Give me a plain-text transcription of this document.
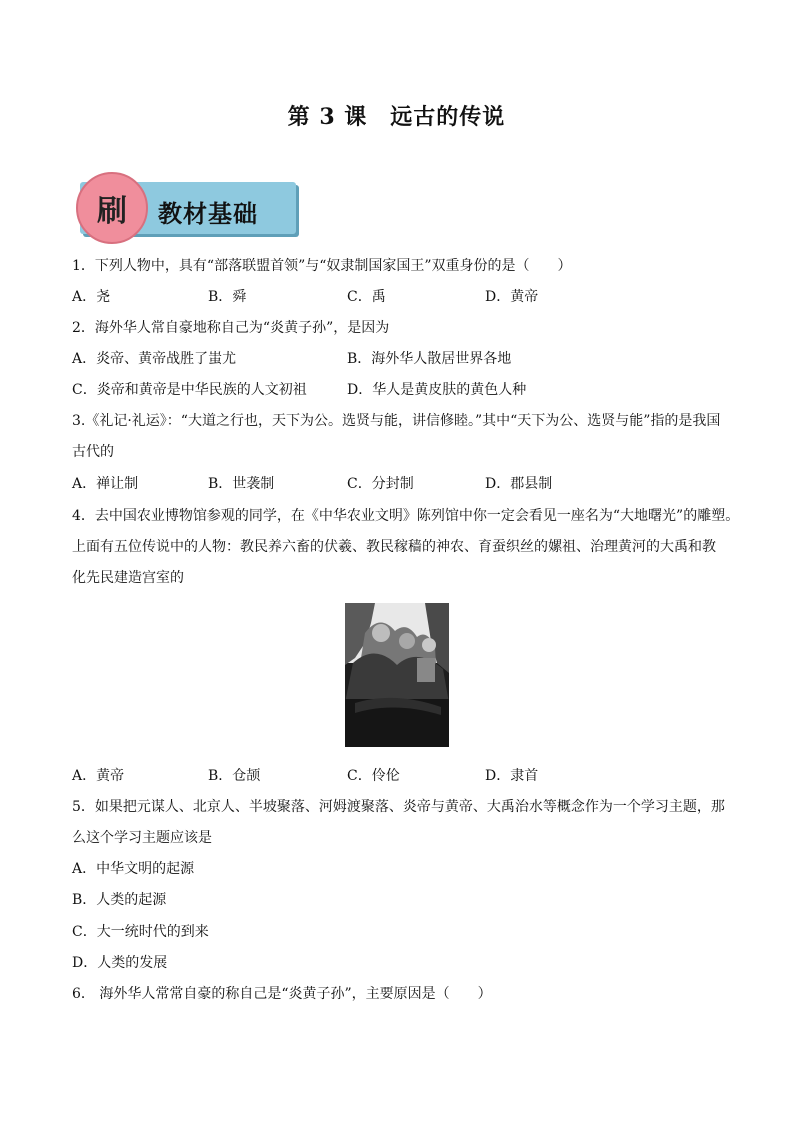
第 3 课　远古的传说
刷	教材基础
1．下列人物中，具有“部落联盟首领”与“奴隶制国家国王”双重身份的是（　　）
A．尧	B．舜	C．禹	D．黄帝
2．海外华人常自豪地称自己为“炎黄子孙”，是因为
A．炎帝、黄帝战胜了蚩尤	B．海外华人散居世界各地
C．炎帝和黄帝是中华民族的人文初祖	D．华人是黄皮肤的黄色人种
3.《礼记·礼运》：“大道之行也，天下为公。选贤与能，讲信修睦。”其中“天下为公、选贤与能”指的是我国
古代的
A．禅让制	B．世袭制	C．分封制	D．郡县制
4．去中国农业博物馆参观的同学，在《中华农业文明》陈列馆中你一定会看见一座名为“大地曙光”的雕塑。
上面有五位传说中的人物：教民养六畜的伏羲、教民稼穑的神农、育蚕织丝的嫘祖、治理黄河的大禹和教
化先民建造宫室的
A．黄帝	B．仓颉	C．伶伦	D．隶首
5．如果把元谋人、北京人、半坡聚落、河姆渡聚落、炎帝与黄帝、大禹治水等概念作为一个学习主题，那
么这个学习主题应该是
A．中华文明的起源
B．人类的起源
C．大一统时代的到来
D．人类的发展
6． 海外华人常常自豪的称自己是“炎黄子孙”，主要原因是（　　）
